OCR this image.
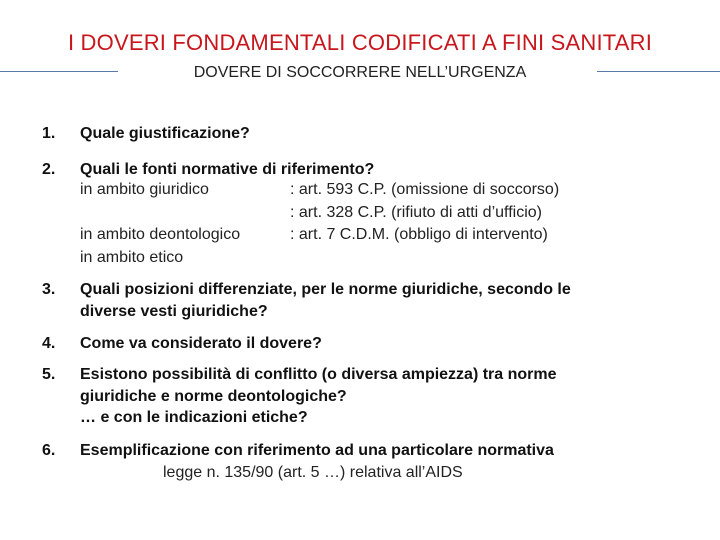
I DOVERI FONDAMENTALI CODIFICATI A FINI SANITARI
DOVERE DI SOCCORRERE NELL’URGENZA
1. Quale giustificazione?
2. Quali le fonti normative di riferimento?
in ambito giuridico	: art. 593 C.P. (omissione di soccorso)
: art. 328 C.P. (rifiuto di atti d’ufficio)
in ambito deontologico	: art. 7 C.D.M. (obbligo di intervento)
in ambito etico
3. Quali posizioni differenziate, per le norme giuridiche, secondo le
diverse vesti giuridiche?
4. Come va considerato il dovere?
5. Esistono possibilità di conflitto (o diversa ampiezza) tra norme
giuridiche e norme deontologiche?
… e con le indicazioni etiche?
6. Esemplificazione con riferimento ad una particolare normativa
legge n. 135/90 (art. 5 …) relativa all’AIDS
